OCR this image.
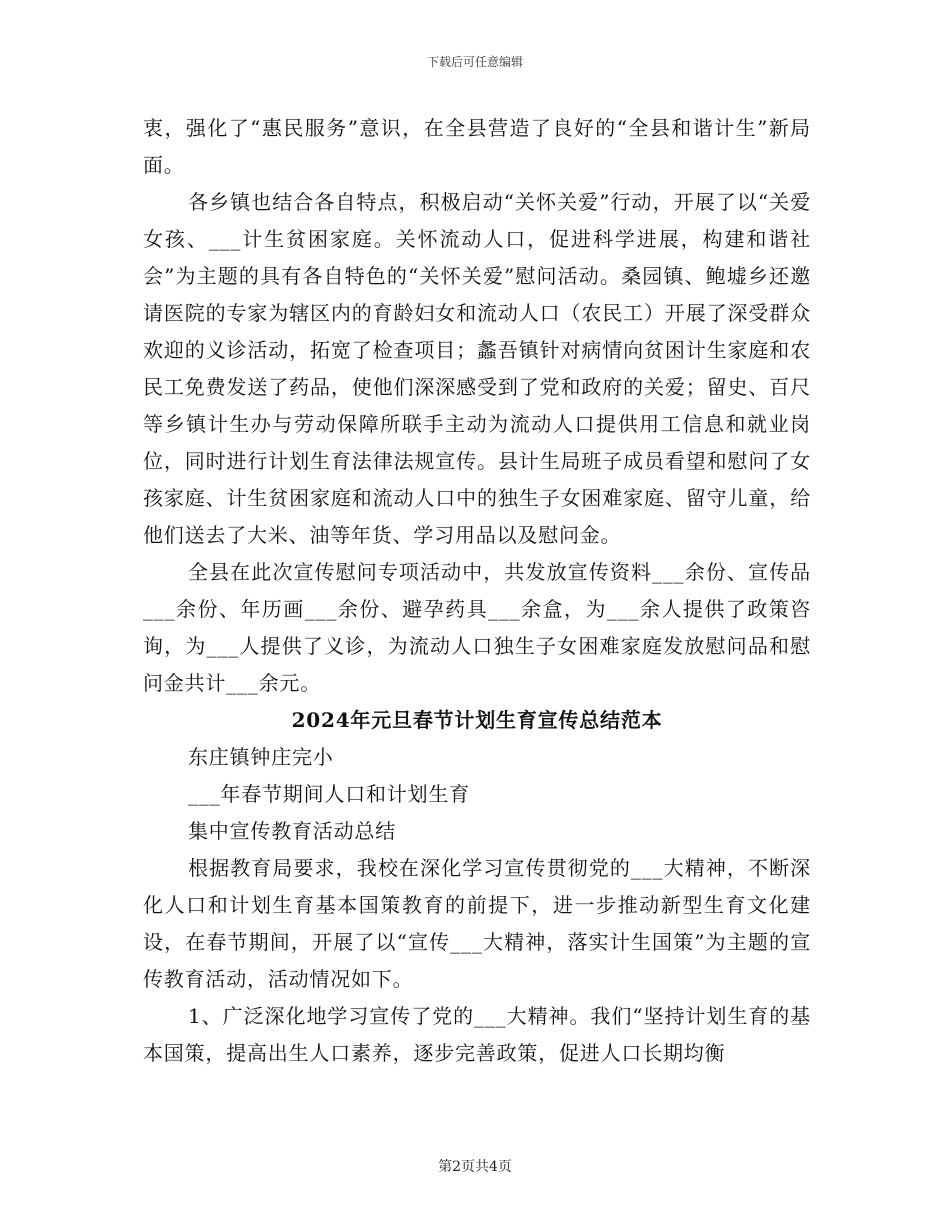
下载后可任意编辑

衷，强化了“惠民服务”意识，在全县营造了良好的“全县和谐计生”新局面。

各乡镇也结合各自特点，积极启动“关怀关爱”行动，开展了以“关爱女孩、___计生贫困家庭。关怀流动人口，促进科学进展，构建和谐社会”为主题的具有各自特色的“关怀关爱”慰问活动。桑园镇、鲍墟乡还邀请医院的专家为辖区内的育龄妇女和流动人口（农民工）开展了深受群众欢迎的义诊活动，拓宽了检查项目；蠡吾镇针对病情向贫困计生家庭和农民工免费发送了药品，使他们深深感受到了党和政府的关爱；留史、百尺等乡镇计生办与劳动保障所联手主动为流动人口提供用工信息和就业岗位，同时进行计划生育法律法规宣传。县计生局班子成员看望和慰问了女孩家庭、计生贫困家庭和流动人口中的独生子女困难家庭、留守儿童，给他们送去了大米、油等年货、学习用品以及慰问金。

全县在此次宣传慰问专项活动中，共发放宣传资料___余份、宣传品___余份、年历画___余份、避孕药具___余盒，为___余人提供了政策咨询，为___人提供了义诊，为流动人口独生子女困难家庭发放慰问品和慰问金共计___余元。

2024年元旦春节计划生育宣传总结范本

东庄镇钟庄完小

___年春节期间人口和计划生育

集中宣传教育活动总结

根据教育局要求，我校在深化学习宣传贯彻党的___大精神，不断深化人口和计划生育基本国策教育的前提下，进一步推动新型生育文化建设，在春节期间，开展了以“宣传___大精神，落实计生国策”为主题的宣传教育活动，活动情况如下。

1、广泛深化地学习宣传了党的___大精神。我们“坚持计划生育的基本国策，提高出生人口素养，逐步完善政策，促进人口长期均衡

第2页共4页
